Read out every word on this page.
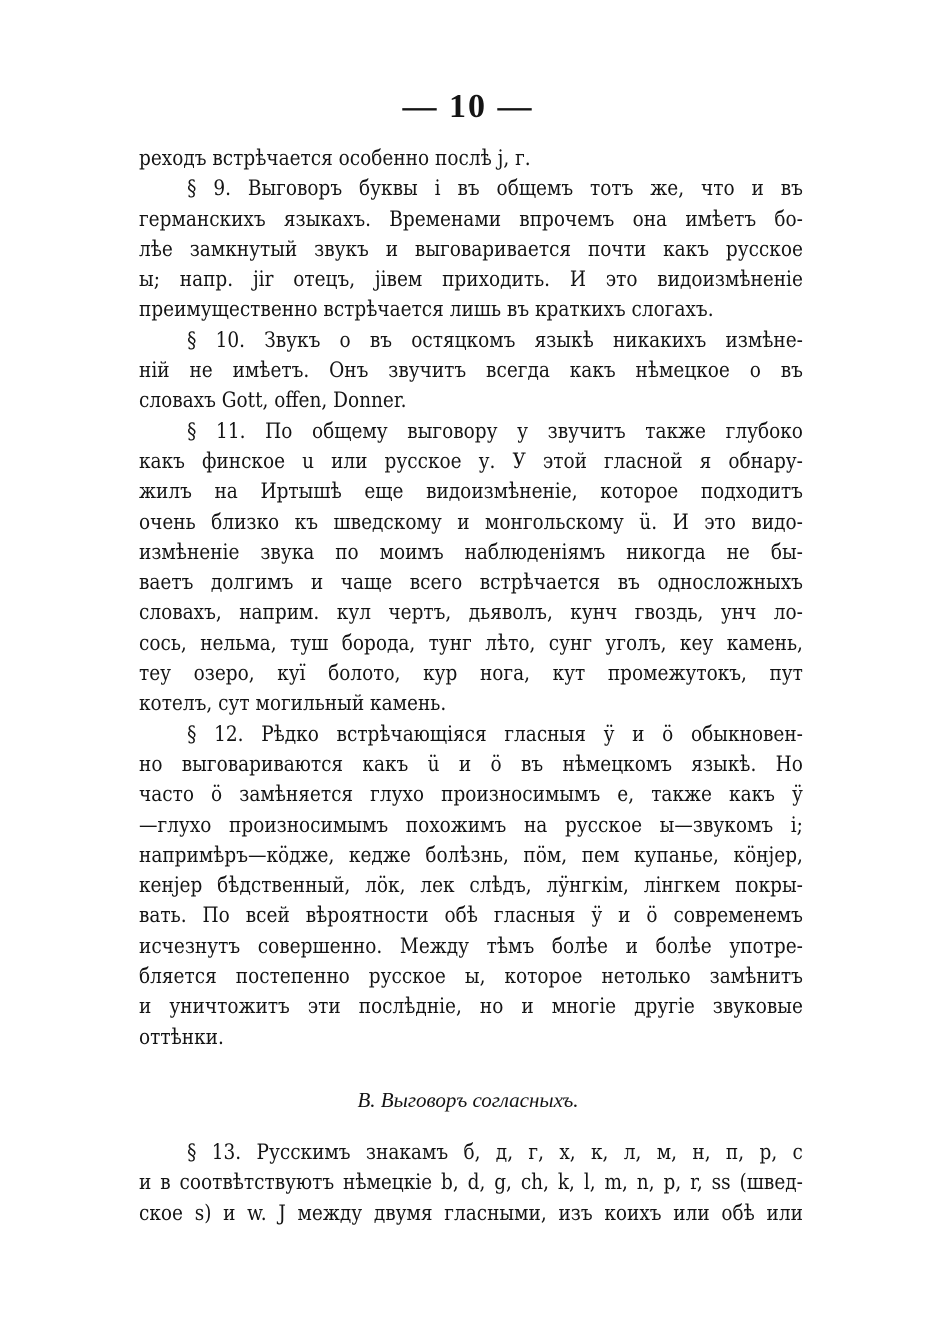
— 10 —
реходъ встрѣчается особенно послѣ j, г.
§ 9. Выговоръ буквы i въ общемъ тотъ же, что и въ
германскихъ языкахъ. Временами впрочемъ она имѣетъ бо-
лѣе замкнутый звукъ и выговаривается почти какъ русское
ы; напр. jir отецъ, jiвем приходить. И это видоизмѣненіе
преимущественно встрѣчается лишь въ краткихъ слогахъ.
§ 10. Звукъ о въ остяцкомъ языкѣ никакихъ измѣне-
ній не имѣетъ. Онъ звучитъ всегда какъ нѣмецкое о въ
словахъ Gott, offen, Donner.
§ 11. По общему выговору у звучитъ также глубоко
какъ финское u или русское у. У этой гласной я обнару-
жилъ на Иртышѣ еще видоизмѣненіе, которое подходитъ
очень близко къ шведскому и монгольскому ü. И это видо-
измѣненіе звука по моимъ наблюденіямъ никогда не бы-
ваетъ долгимъ и чаще всего встрѣчается въ односложныхъ
словахъ, наприм. кул чертъ, дьяволъ, кунч гвоздь, унч ло-
сось, нельма, туш борода, тунг лѣто, сунг уголъ, кеу камень,
теу озеро, куї болото, кур нога, кут промежутокъ, пут
котелъ, сут могильный камень.
§ 12. Рѣдко встрѣчающіяся гласныя ӱ и ӧ обыкновен-
но выговариваются какъ ü и ö въ нѣмецкомъ языкѣ. Но
часто ö замѣняется глухо произносимымъ е, также какъ ӱ
—глухо произносимымъ похожимъ на русское ы—звукомъ і;
напримѣръ—кӧдже, кедже болѣзнь, пӧм, пем купанье, кӧнјер,
кенјер бѣдственный, лӧк, лек слѣдъ, лӱнгкім, лінгкем покры-
вать. По всей вѣроятности обѣ гласныя ӱ и ӧ современемъ
исчезнутъ совершенно. Между тѣмъ болѣе и болѣе употре-
бляется постепенно русское ы, которое нетолько замѣнитъ
и уничтожитъ эти послѣдніе, но и многіе другіе звуковые
оттѣнки.
B. Выговоръ согласныхъ.
§ 13. Русскимъ знакамъ б, д, г, х, к, л, м, н, п, р, с
и в соотвѣтствуютъ нѣмецкіе b, d, g, ch, k, l, m, n, p, r, ss (швед-
ское s) и w. J между двумя гласными, изъ коихъ или обѣ или
